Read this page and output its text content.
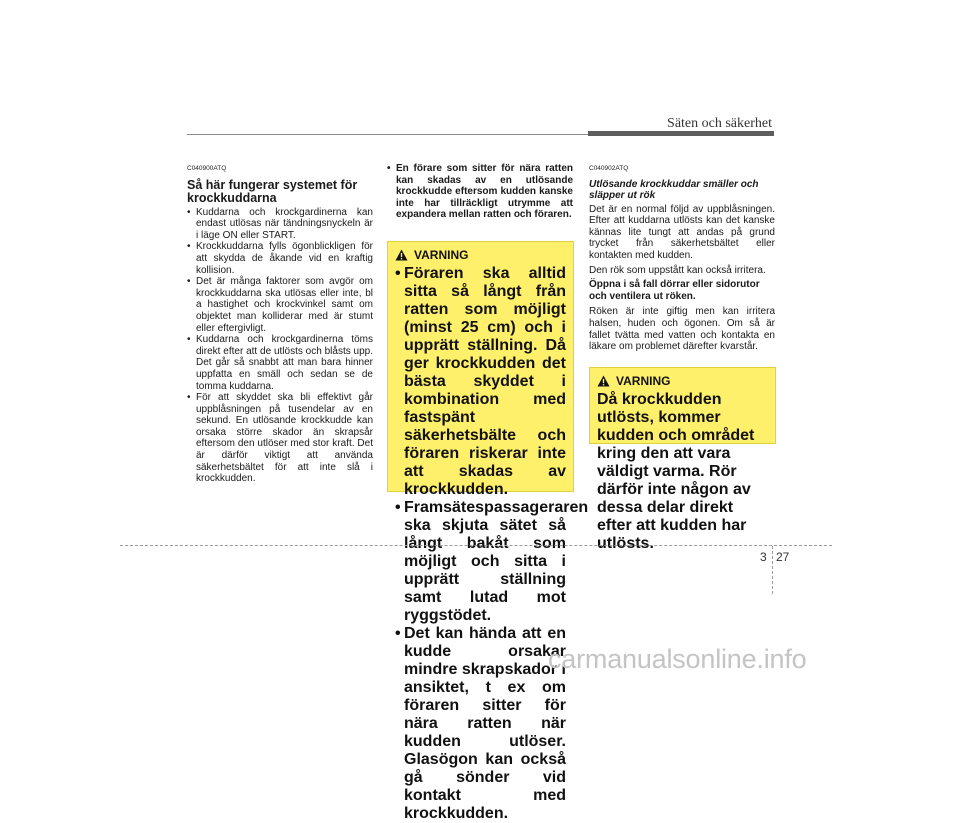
Säten och säkerhet
C040900ATQ
Så här fungerar systemet för krockkuddarna
• Kuddarna och krockgardinerna kan endast utlösas när tändningsnyckeln är i läge ON eller START.
• Krockkuddarna fylls ögonblickligen för att skydda de åkande vid en kraftig kollision.
• Det är många faktorer som avgör om krockkuddarna ska utlösas eller inte, bl a hastighet och krockvinkel samt om objektet man kolliderar med är stumt eller eftergivligt.
• Kuddarna och krockgardinerna töms direkt efter att de utlösts och blåsts upp. Det går så snabbt att man bara hinner uppfatta en smäll och sedan se de tomma kuddarna.
• För att skyddet ska bli effektivt går uppblåsningen på tusendelar av en sekund. En utlösande krockkudde kan orsaka större skador än skrapsår eftersom den utlöser med stor kraft. Det är därför viktigt att använda säkerhetsbältet för att inte slå i krockkudden.
• En förare som sitter för nära ratten kan skadas av en utlösande krockkudde eftersom kudden kanske inte har tillräckligt utrymme att expandera mellan ratten och föraren.
VARNING
• Föraren ska alltid sitta så långt från ratten som möjligt (minst 25 cm) och i upprätt ställning. Då ger krockkudden det bästa skyddet i kombination med fastspänt säkerhetsbälte och föraren riskerar inte att skadas av krockkudden.
• Framsätespassageraren ska skjuta sätet så långt bakåt som möjligt och sitta i upprätt ställning samt lutad mot ryggstödet.
• Det kan hända att en kudde orsakar mindre skrapskador i ansiktet, t ex om föraren sitter för nära ratten när kudden utlöser. Glasögon kan också gå sönder vid kontakt med krockkudden.
C040902ATQ
Utlösande krockkuddar smäller och släpper ut rök

Det är en normal följd av uppblåsningen. Efter att kuddarna utlösts kan det kanske kännas lite tungt att andas på grund trycket från säkerhetsbältet eller kontakten med kudden.

Den rök som uppstått kan också irritera.

Öppna i så fall dörrar eller sidorutor och ventilera ut röken.

Röken är inte giftig men kan irritera halsen, huden och ögonen. Om så är fallet tvätta med vatten och kontakta en läkare om problemet därefter kvarstår.

VARNING
Då krockkudden utlösts, kommer kudden och området kring den att vara väldigt varma. Rör därför inte någon av dessa delar direkt efter att kudden har utlösts.
3 27
carmanualsonline.info
